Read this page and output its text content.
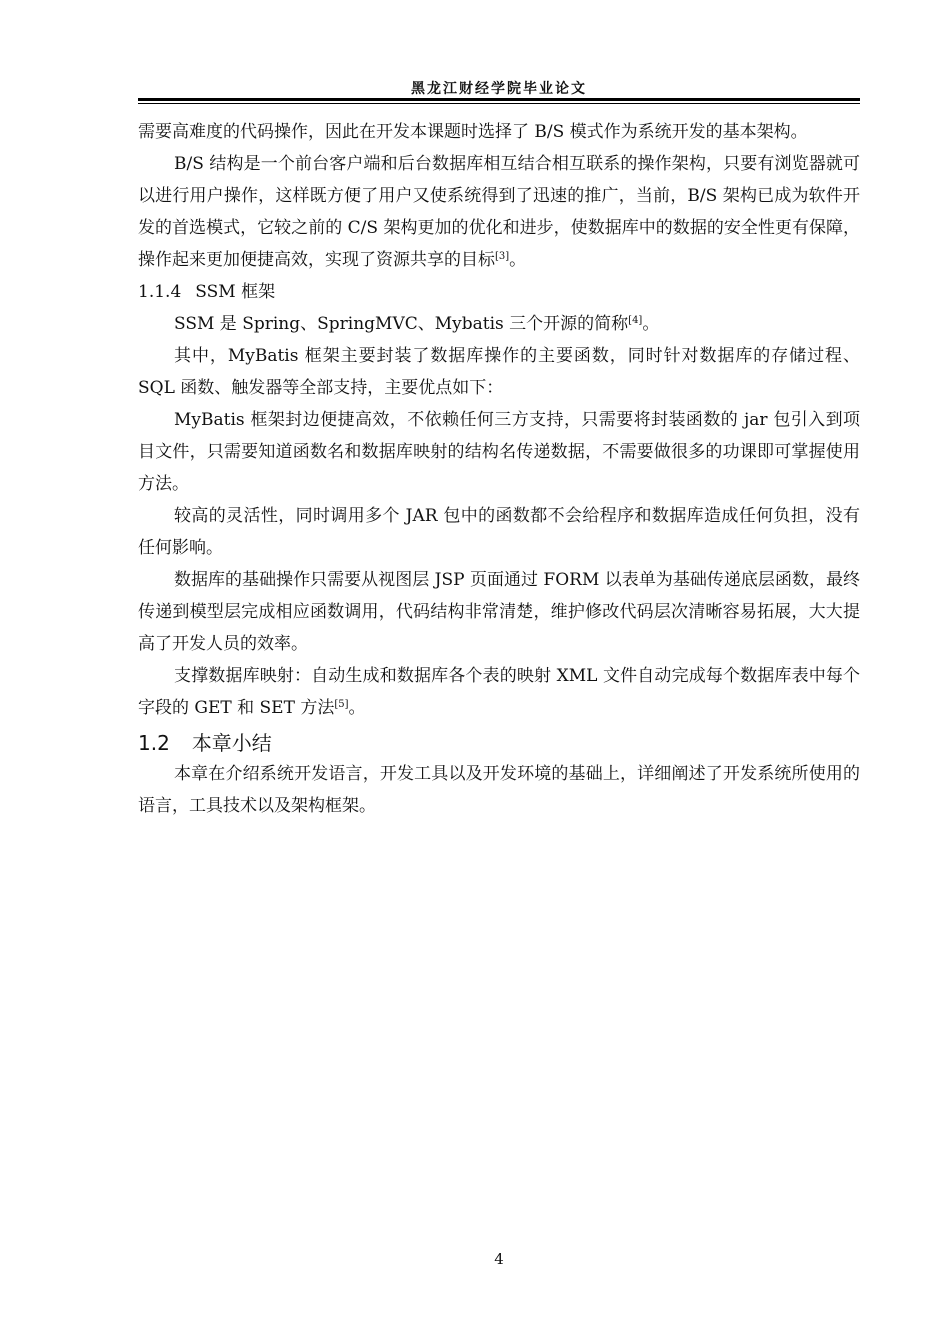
黑龙江财经学院毕业论文

需要高难度的代码操作，因此在开发本课题时选择了 B/S 模式作为系统开发的基本架构。

B/S 结构是一个前台客户端和后台数据库相互结合相互联系的操作架构，只要有浏览器就可以进行用户操作，这样既方便了用户又使系统得到了迅速的推广，当前，B/S 架构已成为软件开发的首选模式，它较之前的 C/S 架构更加的优化和进步，使数据库中的数据的安全性更有保障，操作起来更加便捷高效，实现了资源共享的目标[3]。

1.1.4 SSM 框架

SSM 是 Spring、SpringMVC、Mybatis 三个开源的简称[4]。

其中，MyBatis 框架主要封装了数据库操作的主要函数，同时针对数据库的存储过程、SQL 函数、触发器等全部支持，主要优点如下：

MyBatis 框架封边便捷高效，不依赖任何三方支持，只需要将封装函数的 jar 包引入到项目文件，只需要知道函数名和数据库映射的结构名传递数据，不需要做很多的功课即可掌握使用方法。

较高的灵活性，同时调用多个 JAR 包中的函数都不会给程序和数据库造成任何负担，没有任何影响。

数据库的基础操作只需要从视图层 JSP 页面通过 FORM 以表单为基础传递底层函数，最终传递到模型层完成相应函数调用，代码结构非常清楚，维护修改代码层次清晰容易拓展，大大提高了开发人员的效率。

支撑数据库映射：自动生成和数据库各个表的映射 XML 文件自动完成每个数据库表中每个字段的 GET 和 SET 方法[5]。

1.2 本章小结

本章在介绍系统开发语言，开发工具以及开发环境的基础上，详细阐述了开发系统所使用的语言，工具技术以及架构框架。

4
